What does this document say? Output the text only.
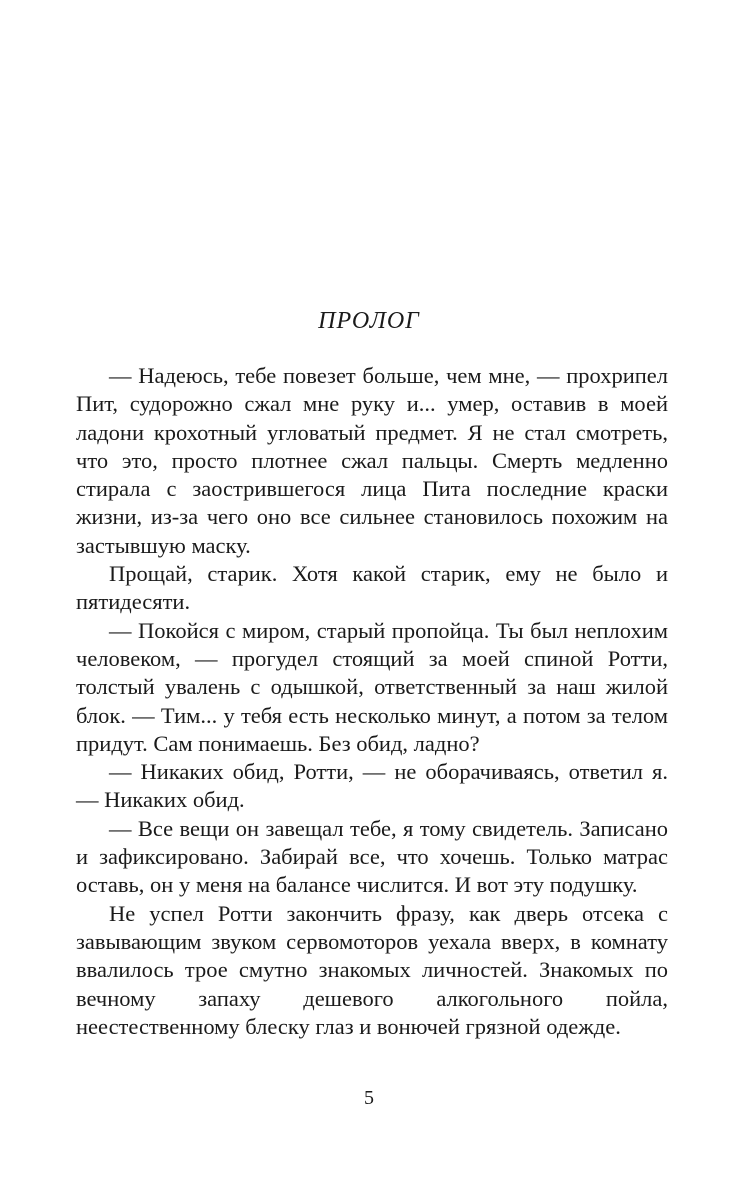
ПРОЛОГ

— Надеюсь, тебе повезет больше, чем мне, — прохрипел Пит, судорожно сжал мне руку и... умер, оставив в моей ладони крохотный угловатый предмет. Я не стал смотреть, что это, просто плотнее сжал пальцы. Смерть медленно стирала с заострившегося лица Пита последние краски жизни, из-за чего оно все сильнее становилось похожим на застывшую маску.

Прощай, старик. Хотя какой старик, ему не было и пятидесяти.

— Покойся с миром, старый пропойца. Ты был неплохим человеком, — прогудел стоящий за моей спиной Ротти, толстый увалень с одышкой, ответственный за наш жилой блок. — Тим... у тебя есть несколько минут, а потом за телом придут. Сам понимаешь. Без обид, ладно?

— Никаких обид, Ротти, — не оборачиваясь, ответил я. — Никаких обид.

— Все вещи он завещал тебе, я тому свидетель. Записано и зафиксировано. Забирай все, что хочешь. Только матрас оставь, он у меня на балансе числится. И вот эту подушку.

Не успел Ротти закончить фразу, как дверь отсека с завывающим звуком сервомоторов уехала вверх, в комнату ввалилось трое смутно знакомых личностей. Знакомых по вечному запаху дешевого алкогольного пойла, неестественному блеску глаз и вонючей грязной одежде.

5
